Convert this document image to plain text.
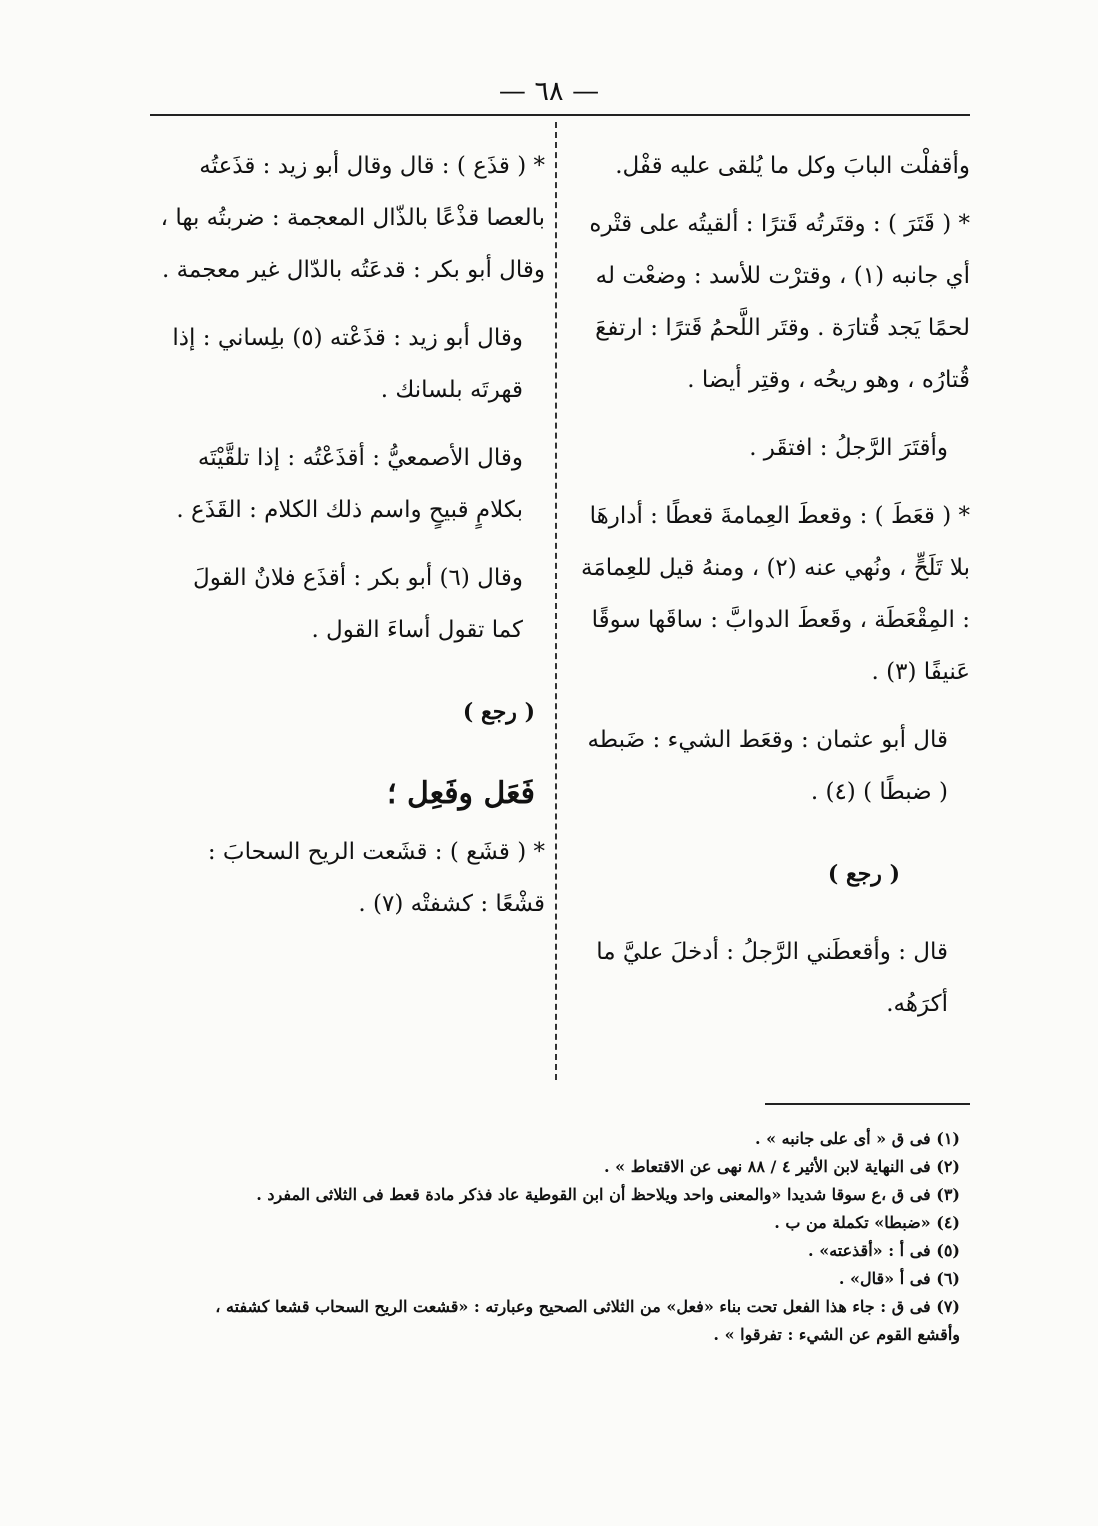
— ٦٨ —
وأقفلْت البابَ وكل ما يُلقى عليه قفْل.
* ( قَتَرَ ) : وقتَرتُه قَترًا : ألقيتُه على قتْره أي جانبه (١) ، وقترْت للأسد : وضعْت له لحمًا يَجد قُتارَة . وقتَر اللَّحمُ قَترًا : ارتفعَ قُتارُه ، وهو ريحُه ، وقتِر أيضا .
وأقتَرَ الرَّجلُ : افتقَر .
* ( قعَطَ ) : وقعطَ العِمامةَ قعطًا : أدارهَا بلا تَلَحٍّ ، ونُهي عنه (٢) ، ومنهُ قيل للعِمامَة : المِقْعَطَة ، وقَعطَ الدوابَّ : ساقَها سوقًا عَنيفًا (٣) .
قال أبو عثمان : وقعَط الشيء : ضَبطه ( ضبطًا ) (٤) .
( رجع )
قال : وأقعطَني الرَّجلُ : أدخلَ عليَّ ما أكرَهُه.
* ( قذَع ) : قال وقال أبو زيد : قذَعتُه بالعصا قذْعًا بالذّال المعجمة : ضربتُه بها ، وقال أبو بكر : قدعَتُه بالدّال غير معجمة .
وقال أبو زيد : قذَعْته (٥) بلِساني : إذا قهرتَه بلسانك .
وقال الأصمعيُّ : أقذَعْتُه : إذا تلقَّيْتَه بكلامٍ قبيحٍ واسم ذلك الكلام : القَذَع .
وقال (٦) أبو بكر : أقذَع فلانٌ القولَ كما تقول أساءَ القول .
( رجع )
فَعَل وفَعِل ؛
* ( قشَع ) : قشَعت الريح السحابَ : قشْعًا : كشفتْه (٧) .
(١) فى ق « أى على جانبه » .
(٢) فى النهاية لابن الأثير ٤ / ٨٨ نهى عن الاقتعاط » .
(٣) فى ق ،ع سوقا شديدا «والمعنى واحد ويلاحظ أن ابن القوطية عاد فذكر مادة قعط فى الثلاثى المفرد .
(٤) «ضبطا» تكملة من ب .
(٥) فى أ : «أقذعته» .
(٦) فى أ «قال» .
(٧) فى ق : جاء هذا الفعل تحت بناء «فعل» من الثلاثى الصحيح وعبارته : «قشعت الريح السحاب قشعا كشفته ،
وأقشع القوم عن الشيء : تفرقوا » .
